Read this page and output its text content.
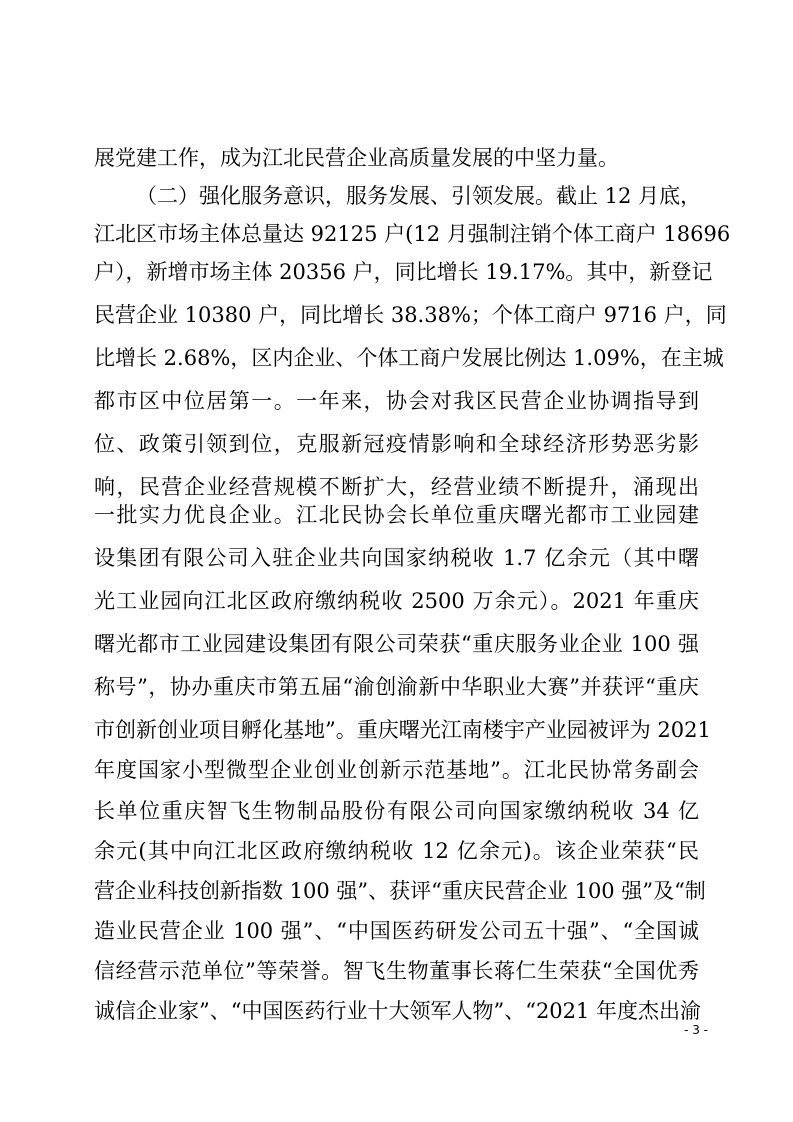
展党建工作，成为江北民营企业高质量发展的中坚力量。
（二）强化服务意识，服务发展、引领发展。截止 12 月底，
江北区市场主体总量达 92125 户(12 月强制注销个体工商户 18696
户），新增市场主体 20356 户，同比增长 19.17%。其中，新登记
民营企业 10380 户，同比增长 38.38%；个体工商户 9716 户，同
比增长 2.68%，区内企业、个体工商户发展比例达 1.09%，在主城
都市区中位居第一。一年来，协会对我区民营企业协调指导到
位、政策引领到位，克服新冠疫情影响和全球经济形势恶劣影
响，民营企业经营规模不断扩大，经营业绩不断提升，涌现出
一批实力优良企业。江北民协会长单位重庆曙光都市工业园建
设集团有限公司入驻企业共向国家纳税收 1.7 亿余元（其中曙
光工业园向江北区政府缴纳税收 2500 万余元）。2021 年重庆
曙光都市工业园建设集团有限公司荣获“重庆服务业企业 100 强
称号”，协办重庆市第五届“渝创渝新中华职业大赛”并获评“重庆
市创新创业项目孵化基地”。重庆曙光江南楼宇产业园被评为 2021
年度国家小型微型企业创业创新示范基地”。江北民协常务副会
长单位重庆智飞生物制品股份有限公司向国家缴纳税收 34 亿
余元(其中向江北区政府缴纳税收 12 亿余元)。该企业荣获“民
营企业科技创新指数 100 强”、获评“重庆民营企业 100 强”及“制
造业民营企业 100 强”、“中国医药研发公司五十强”、“全国诚
信经营示范单位”等荣誉。智飞生物董事长蒋仁生荣获“全国优秀
诚信企业家”、“中国医药行业十大领军人物”、“2021 年度杰出渝
- 3 -
